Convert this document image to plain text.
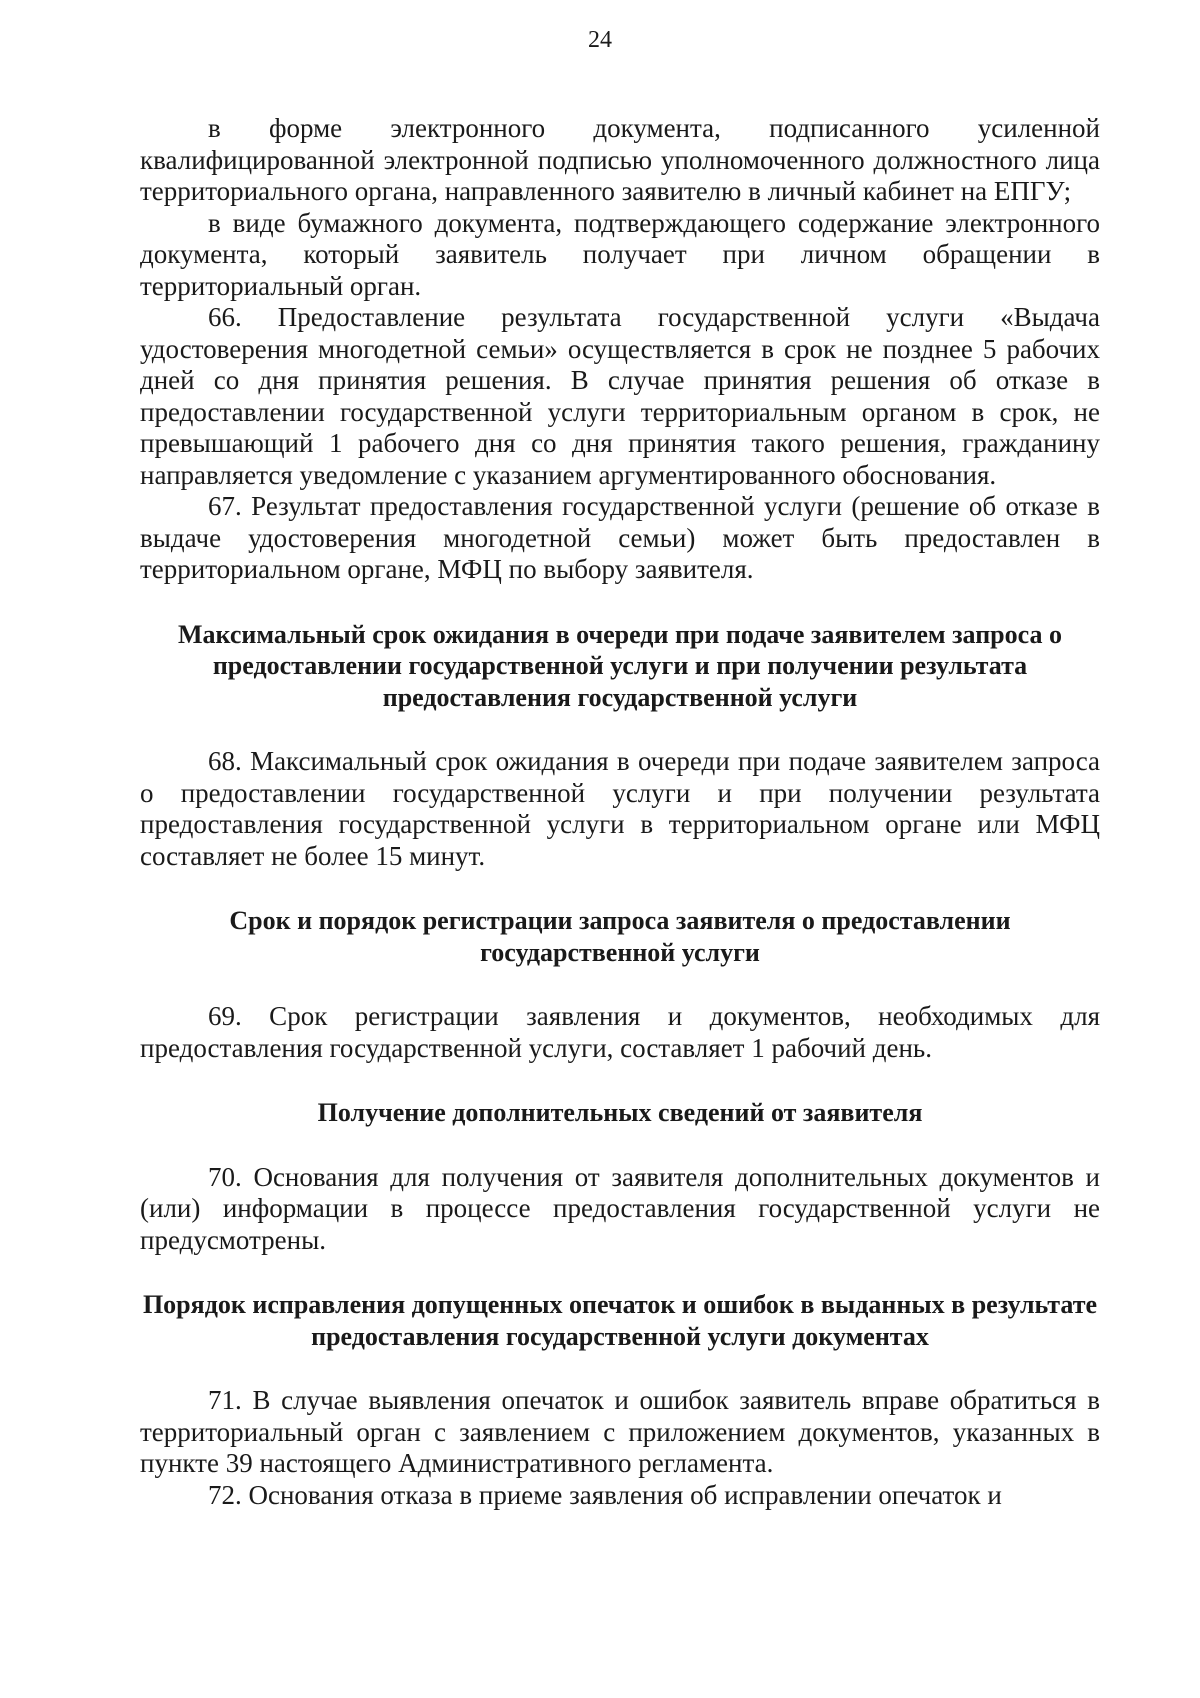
24

в форме электронного документа, подписанного усиленной квалифицированной электронной подписью уполномоченного должностного лица территориального органа, направленного заявителю в личный кабинет на ЕПГУ;

в виде бумажного документа, подтверждающего содержание электронного документа, который заявитель получает при личном обращении в территориальный орган.

66. Предоставление результата государственной услуги «Выдача удостоверения многодетной семьи» осуществляется в срок не позднее 5 рабочих дней со дня принятия решения. В случае принятия решения об отказе в предоставлении государственной услуги территориальным органом в срок, не превышающий 1 рабочего дня со дня принятия такого решения, гражданину направляется уведомление с указанием аргументированного обоснования.

67. Результат предоставления государственной услуги (решение об отказе в выдаче удостоверения многодетной семьи) может быть предоставлен в территориальном органе, МФЦ по выбору заявителя.

Максимальный срок ожидания в очереди при подаче заявителем запроса о предоставлении государственной услуги и при получении результата предоставления государственной услуги

68. Максимальный срок ожидания в очереди при подаче заявителем запроса о предоставлении государственной услуги и при получении результата предоставления государственной услуги в территориальном органе или МФЦ составляет не более 15 минут.

Срок и порядок регистрации запроса заявителя о предоставлении государственной услуги

69. Срок регистрации заявления и документов, необходимых для предоставления государственной услуги, составляет 1 рабочий день.

Получение дополнительных сведений от заявителя

70. Основания для получения от заявителя дополнительных документов и (или) информации в процессе предоставления государственной услуги не предусмотрены.

Порядок исправления допущенных опечаток и ошибок в выданных в результате предоставления государственной услуги документах

71. В случае выявления опечаток и ошибок заявитель вправе обратиться в территориальный орган с заявлением с приложением документов, указанных в пункте 39 настоящего Административного регламента.

72. Основания отказа в приеме заявления об исправлении опечаток и
